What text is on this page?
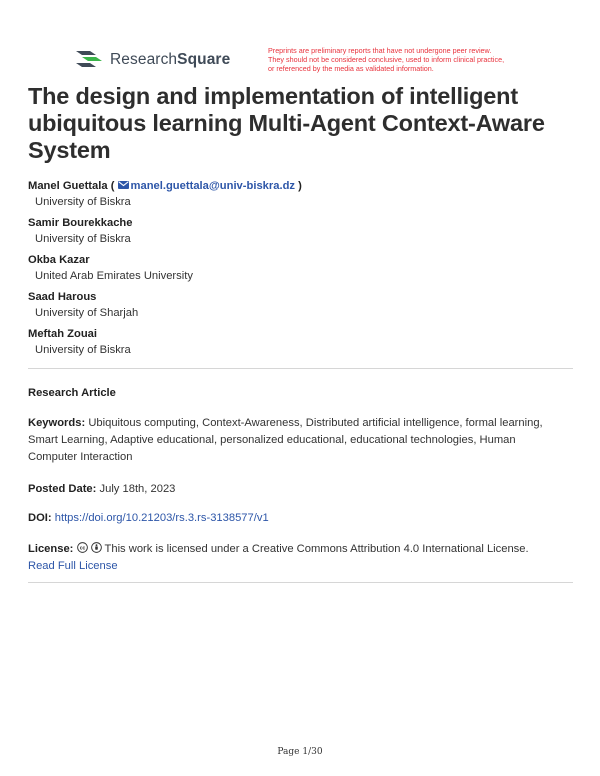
ResearchSquare
Preprints are preliminary reports that have not undergone peer review.
They should not be considered conclusive, used to inform clinical practice,
or referenced by the media as validated information.
The design and implementation of intelligent
ubiquitous learning Multi-Agent Context-Aware
System
Manel Guettala ( manel.guettala@univ-biskra.dz )
University of Biskra
Samir Bourekkache
University of Biskra
Okba Kazar
United Arab Emirates University
Saad Harous
University of Sharjah
Meftah Zouai
University of Biskra
Research Article
Keywords: Ubiquitous computing, Context-Awareness, Distributed artificial intelligence, formal learning,
Smart Learning, Adaptive educational, personalized educational, educational technologies, Human
Computer Interaction
Posted Date: July 18th, 2023
DOI: https://doi.org/10.21203/rs.3.rs-3138577/v1
License: cc This work is licensed under a Creative Commons Attribution 4.0 International License.
Read Full License
Page 1/30
